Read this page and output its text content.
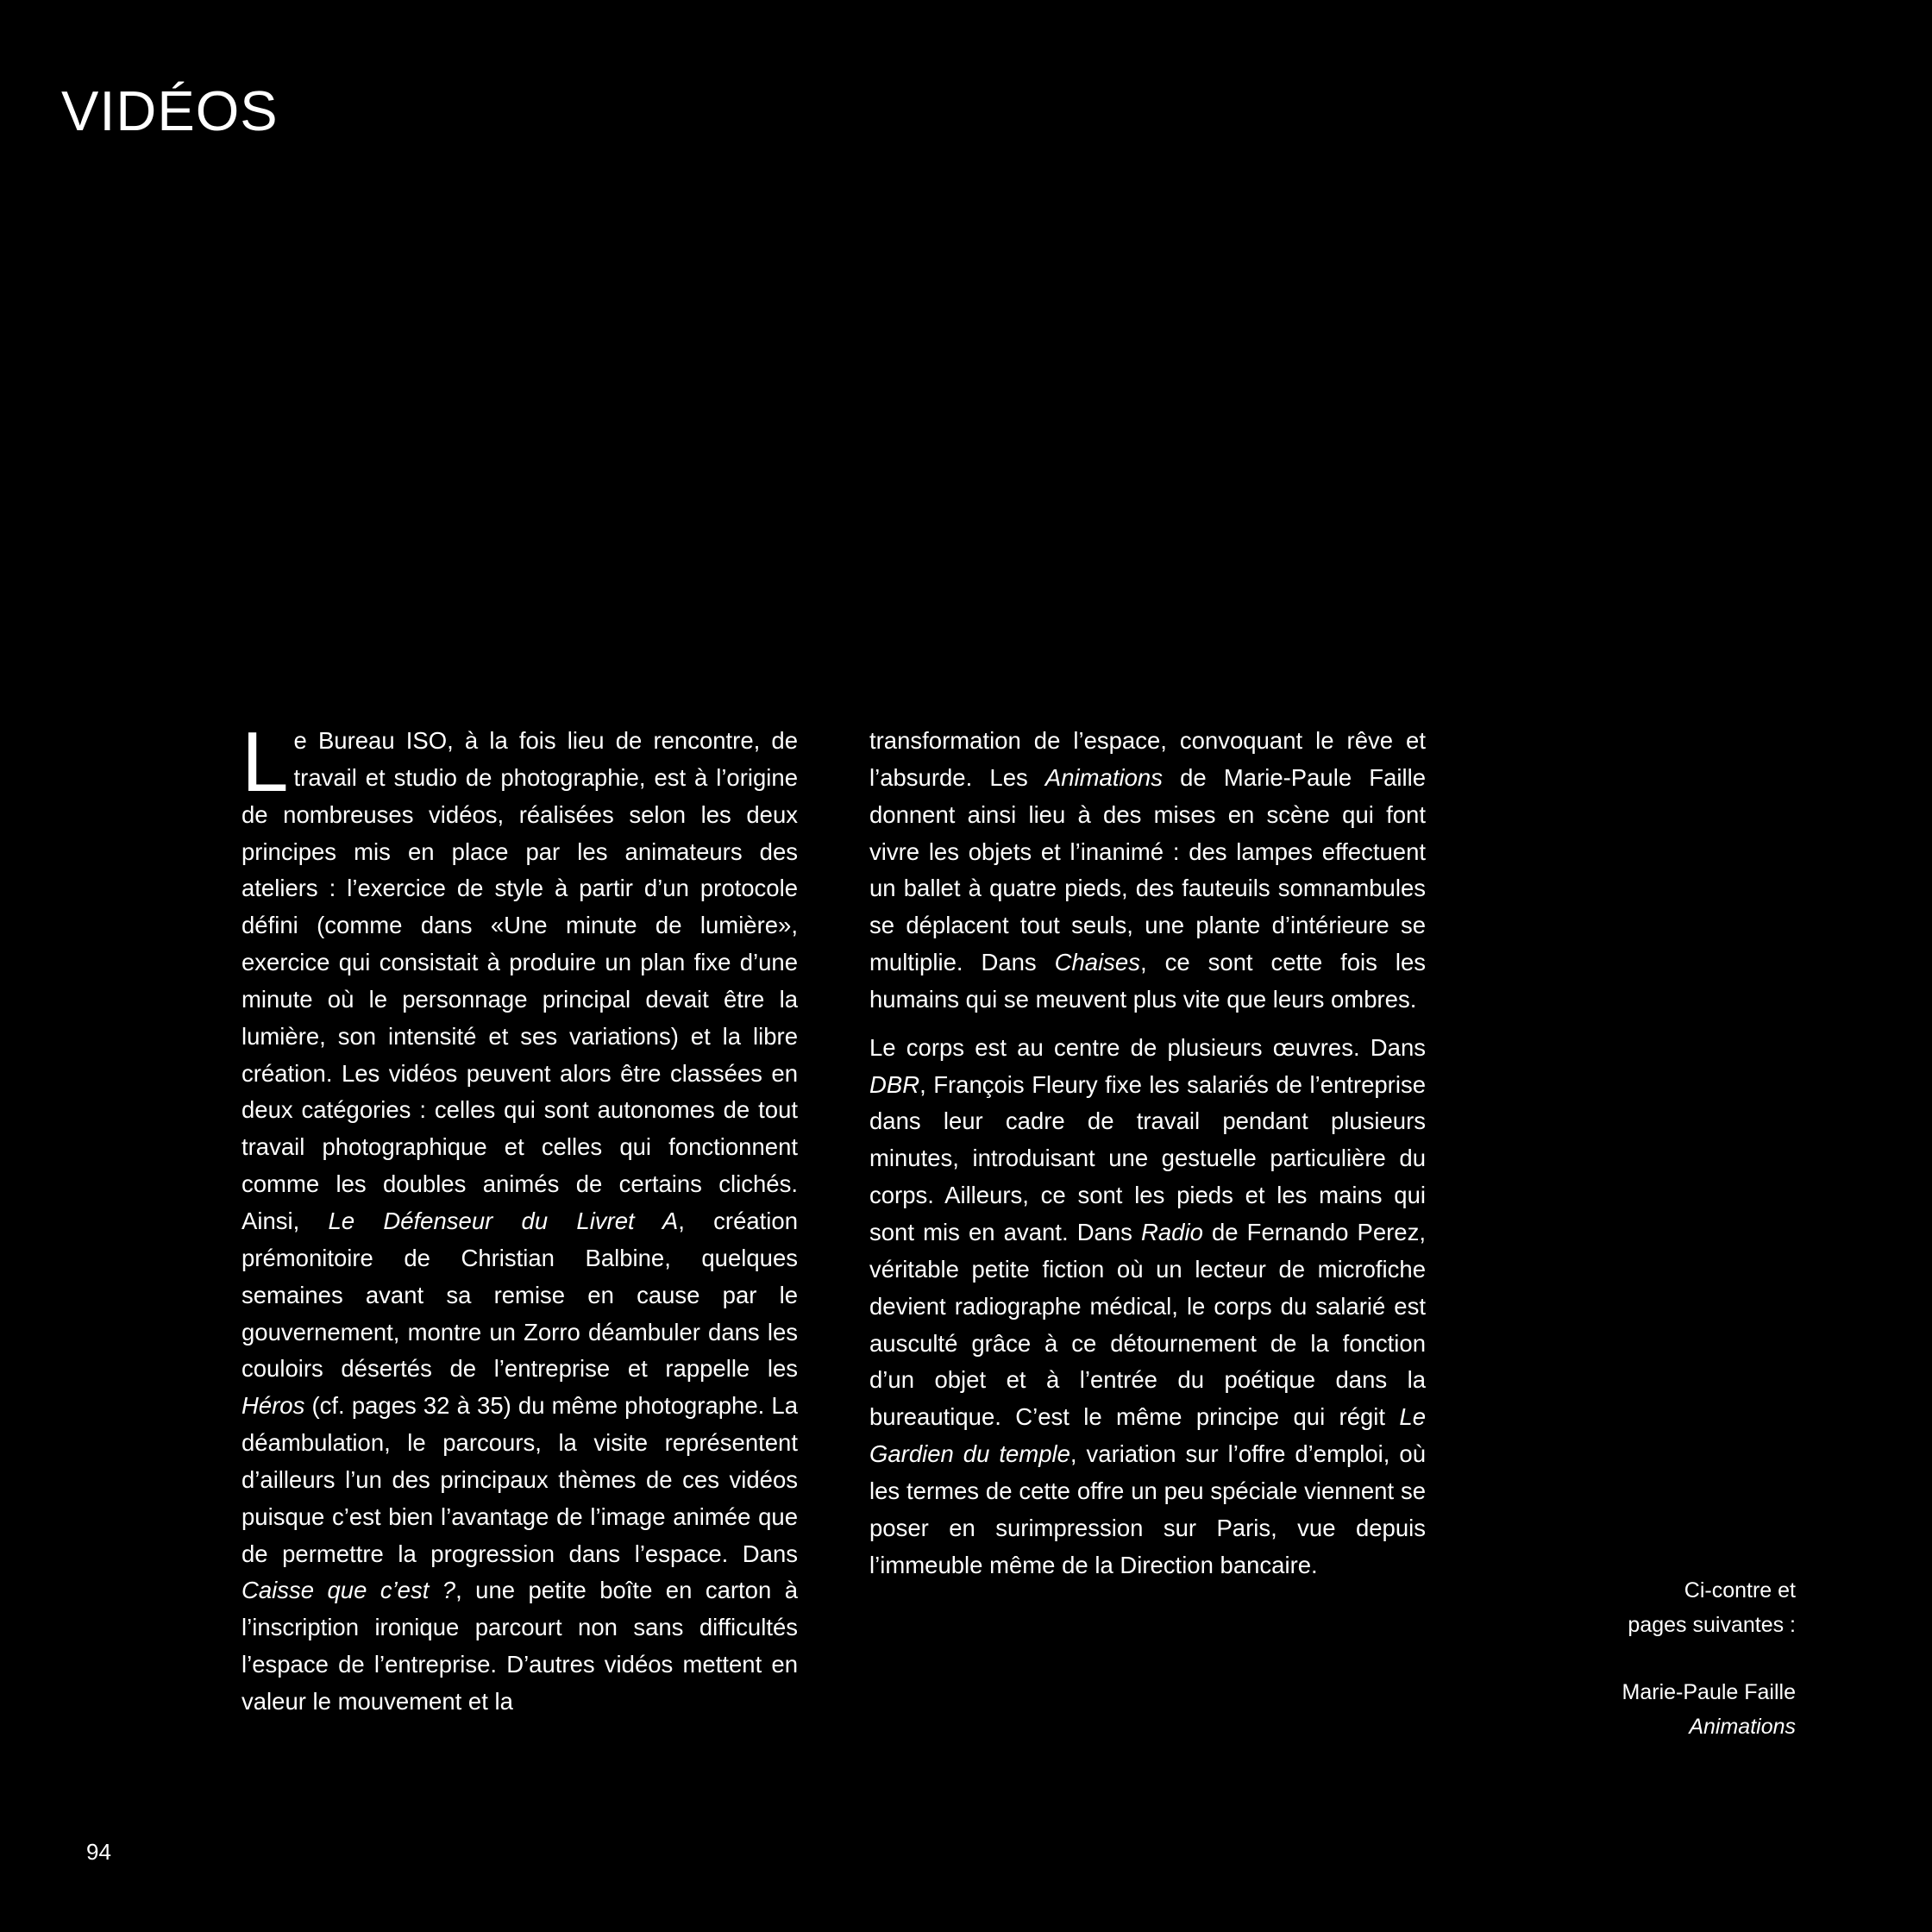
VIDÉOS

Le Bureau ISO, à la fois lieu de rencontre, de travail et studio de photographie, est à l’origine de nombreuses vidéos, réalisées selon les deux principes mis en place par les animateurs des ateliers : l’exercice de style à partir d’un protocole défini (comme dans «Une minute de lumière», exercice qui consistait à produire un plan fixe d’une minute où le personnage principal devait être la lumière, son intensité et ses variations) et la libre création. Les vidéos peuvent alors être classées en deux catégories : celles qui sont autonomes de tout travail photographique et celles qui fonctionnent comme les doubles animés de certains clichés. Ainsi, Le Défenseur du Livret A, création prémonitoire de Christian Balbine, quelques semaines avant sa remise en cause par le gouvernement, montre un Zorro déambuler dans les couloirs désertés de l’entreprise et rappelle les Héros (cf. pages 32 à 35) du même photographe. La déambulation, le parcours, la visite représentent d’ailleurs l’un des principaux thèmes de ces vidéos puisque c’est bien l’avantage de l’image animée que de permettre la progression dans l’espace. Dans Caisse que c’est ?, une petite boîte en carton à l’inscription ironique parcourt non sans difficultés l’espace de l’entreprise. D’autres vidéos mettent en valeur le mouvement et la

transformation de l’espace, convoquant le rêve et l’absurde. Les Animations de Marie-Paule Faille donnent ainsi lieu à des mises en scène qui font vivre les objets et l’inanimé : des lampes effectuent un ballet à quatre pieds, des fauteuils somnambules se déplacent tout seuls, une plante d’intérieure se multiplie. Dans Chaises, ce sont cette fois les humains qui se meuvent plus vite que leurs ombres.

Le corps est au centre de plusieurs œuvres. Dans DBR, François Fleury fixe les salariés de l’entreprise dans leur cadre de travail pendant plusieurs minutes, introduisant une gestuelle particulière du corps. Ailleurs, ce sont les pieds et les mains qui sont mis en avant. Dans Radio de Fernando Perez, véritable petite fiction où un lecteur de microfiche devient radiographe médical, le corps du salarié est ausculté grâce à ce détournement de la fonction d’un objet et à l’entrée du poétique dans la bureautique. C’est le même principe qui régit Le Gardien du temple, variation sur l’offre d’emploi, où les termes de cette offre un peu spéciale viennent se poser en surimpression sur Paris, vue depuis l’immeuble même de la Direction bancaire.

Ci-contre et

pages suivantes :

Marie-Paule Faille

Animations

94
